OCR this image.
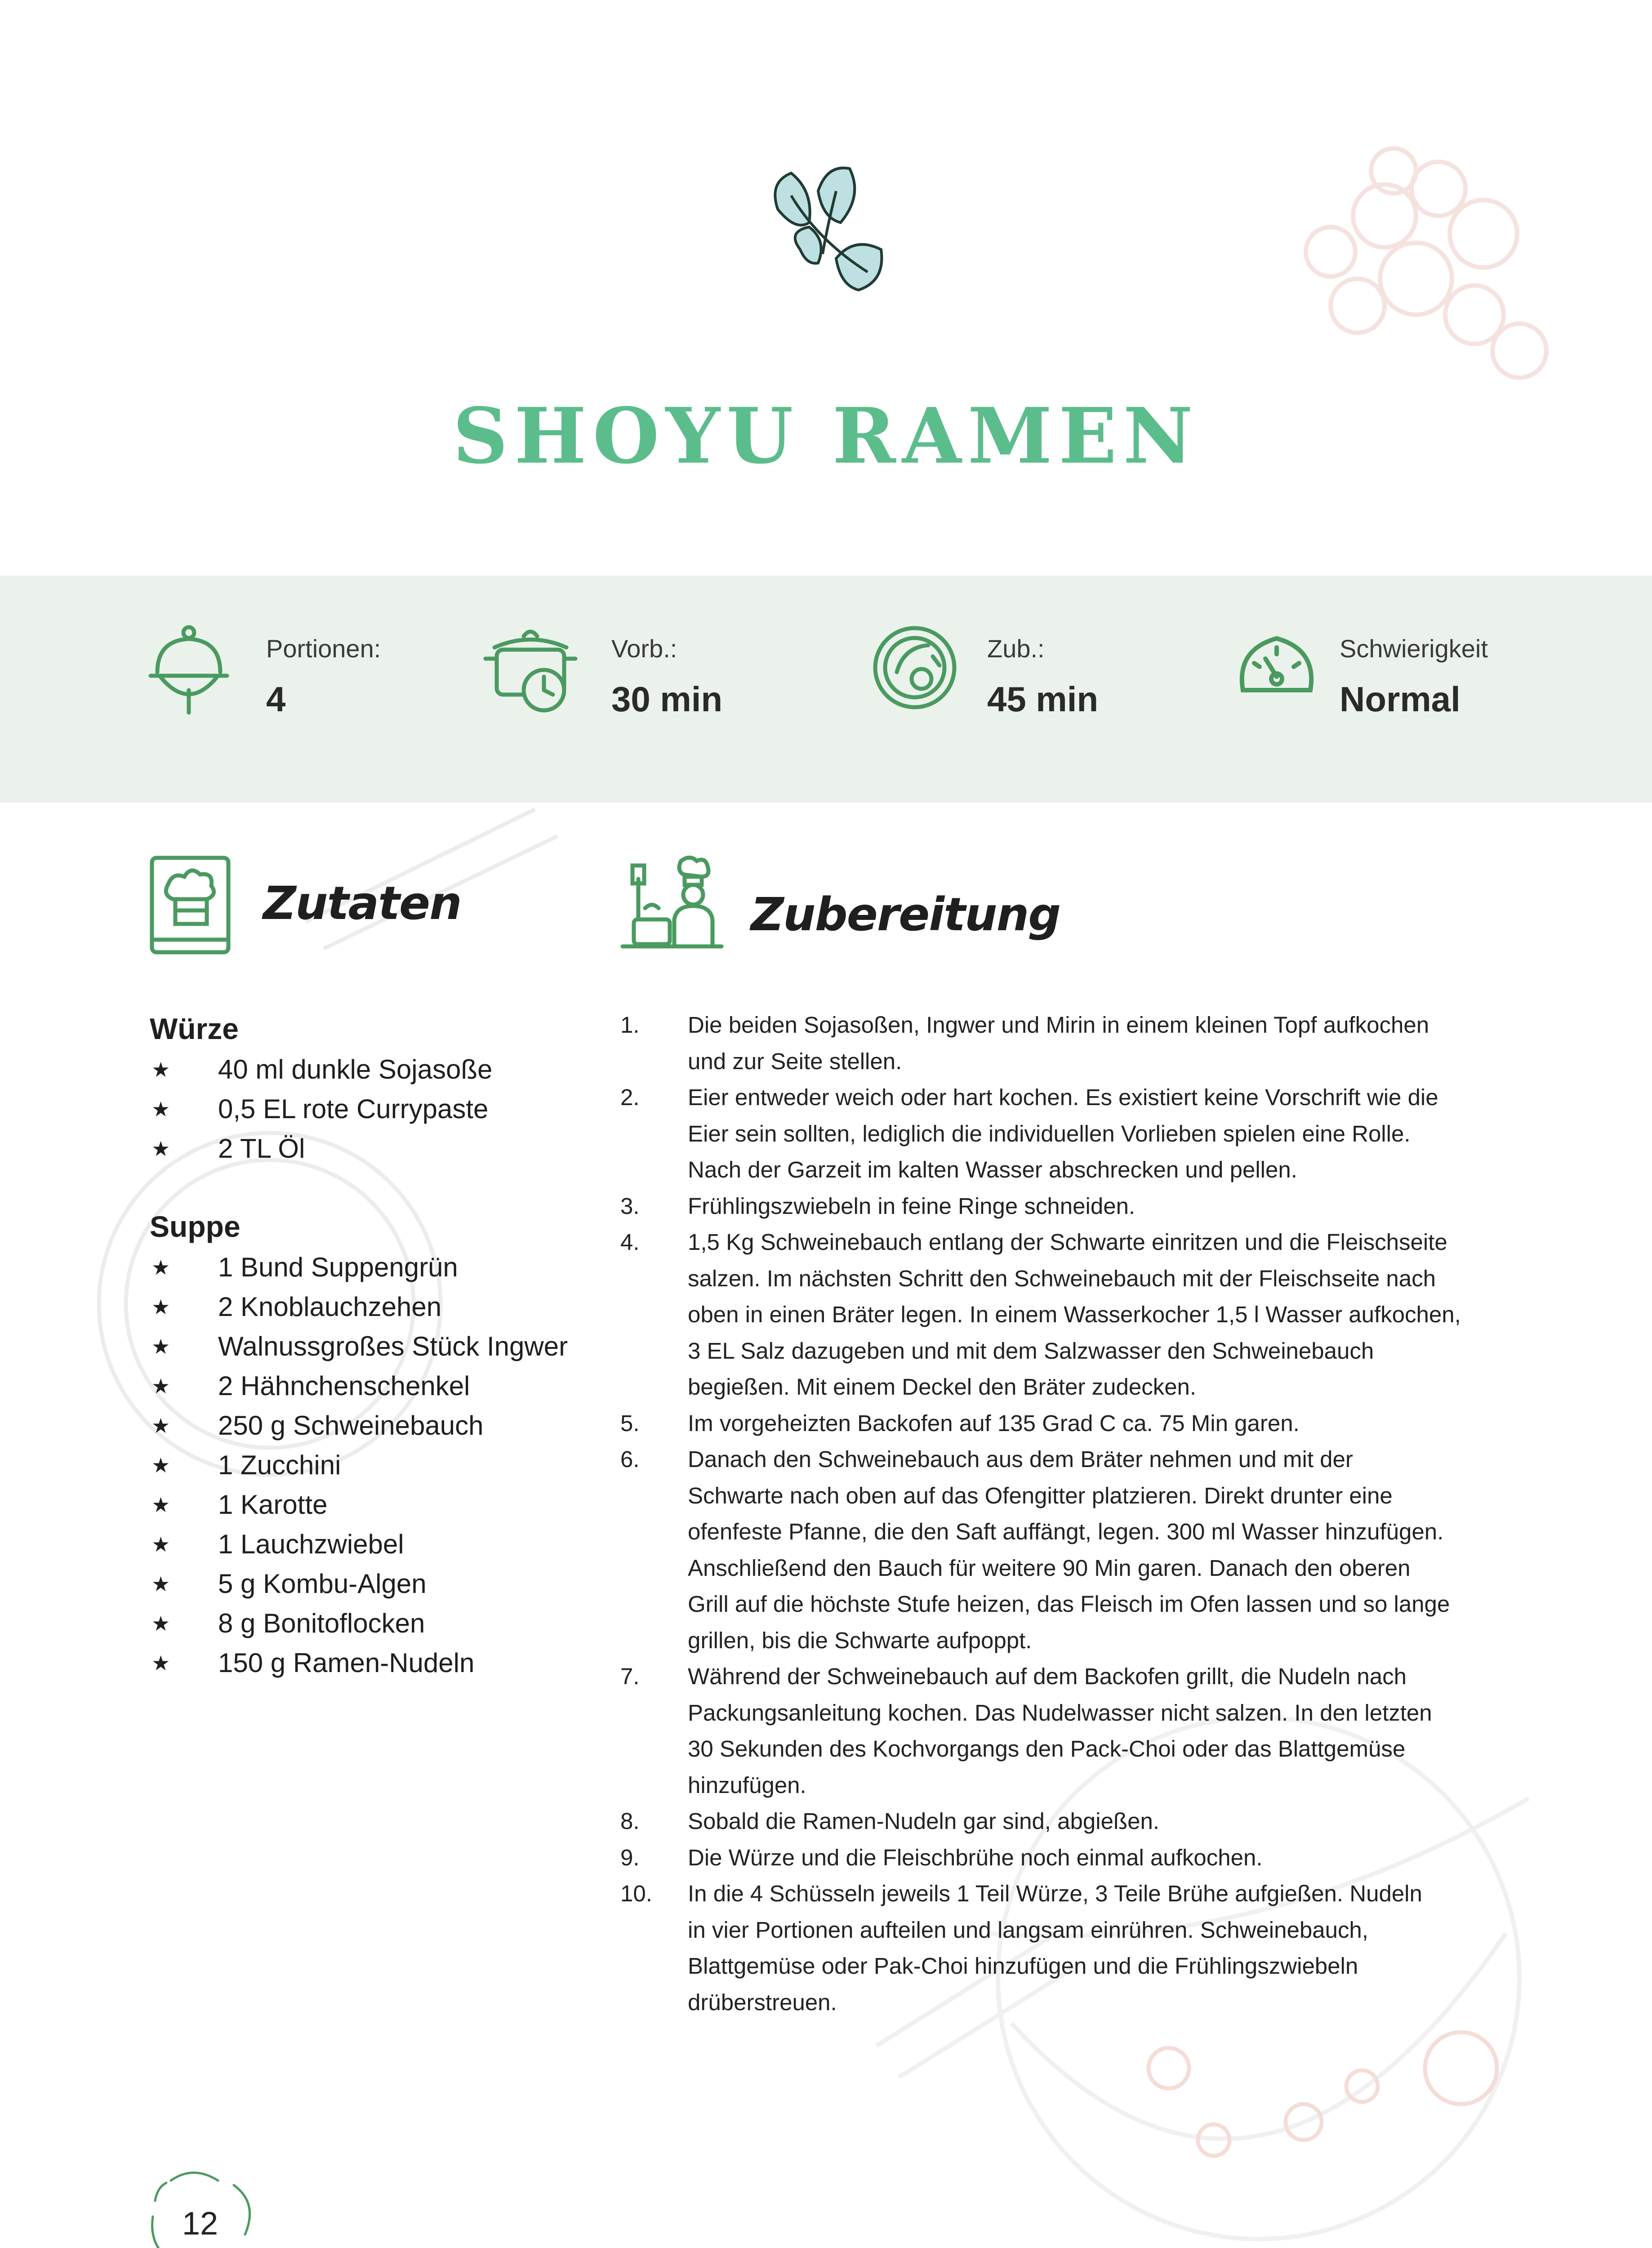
SHOYU RAMEN
Portionen:
4
Vorb.:
30 min
Zub.:
45 min
Schwierigkeit
Normal
Zutaten	Zubereitung
Würze
★ 40 ml dunkle Sojasoße
★ 0,5 EL rote Currypaste
★ 2 TL Öl
Suppe
★ 1 Bund Suppengrün
★ 2 Knoblauchzehen
★ Walnussgroßes Stück Ingwer
★ 2 Hähnchenschenkel
★ 250 g Schweinebauch
★ 1 Zucchini
★ 1 Karotte
★ 1 Lauchzwiebel
★ 5 g Kombu-Algen
★ 8 g Bonitoflocken
★ 150 g Ramen-Nudeln
1. Die beiden Sojasoßen, Ingwer und Mirin in einem kleinen Topf aufkochen
und zur Seite stellen.
2. Eier entweder weich oder hart kochen. Es existiert keine Vorschrift wie die
Eier sein sollten, lediglich die individuellen Vorlieben spielen eine Rolle.
Nach der Garzeit im kalten Wasser abschrecken und pellen.
3. Frühlingszwiebeln in feine Ringe schneiden.
4. 1,5 Kg Schweinebauch entlang der Schwarte einritzen und die Fleischseite
salzen. Im nächsten Schritt den Schweinebauch mit der Fleischseite nach
oben in einen Bräter legen. In einem Wasserkocher 1,5 l Wasser aufkochen,
3 EL Salz dazugeben und mit dem Salzwasser den Schweinebauch
begießen. Mit einem Deckel den Bräter zudecken.
5. Im vorgeheizten Backofen auf 135 Grad C ca. 75 Min garen.
6. Danach den Schweinebauch aus dem Bräter nehmen und mit der
Schwarte nach oben auf das Ofengitter platzieren. Direkt drunter eine
ofenfeste Pfanne, die den Saft auffängt, legen. 300 ml Wasser hinzufügen.
Anschließend den Bauch für weitere 90 Min garen. Danach den oberen
Grill auf die höchste Stufe heizen, das Fleisch im Ofen lassen und so lange
grillen, bis die Schwarte aufpoppt.
7. Während der Schweinebauch auf dem Backofen grillt, die Nudeln nach
Packungsanleitung kochen. Das Nudelwasser nicht salzen. In den letzten
30 Sekunden des Kochvorgangs den Pack-Choi oder das Blattgemüse
hinzufügen.
8. Sobald die Ramen-Nudeln gar sind, abgießen.
9. Die Würze und die Fleischbrühe noch einmal aufkochen.
10. In die 4 Schüsseln jeweils 1 Teil Würze, 3 Teile Brühe aufgießen. Nudeln
in vier Portionen aufteilen und langsam einrühren. Schweinebauch,
Blattgemüse oder Pak-Choi hinzufügen und die Frühlingszwiebeln
drüberstreuen.
12
